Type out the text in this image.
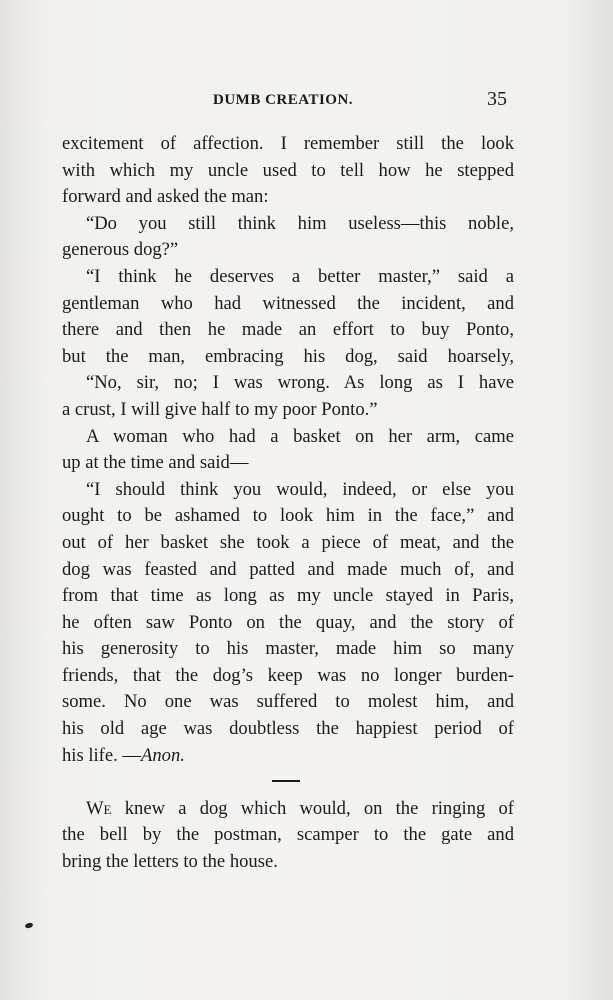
DUMB CREATION.	35
excitement of affection. I remember still the look
with which my uncle used to tell how he stepped
forward and asked the man:
“Do you still think him useless—this noble,
generous dog?”
“I think he deserves a better master,” said a
gentleman who had witnessed the incident, and
there and then he made an effort to buy Ponto,
but the man, embracing his dog, said hoarsely,
“No, sir, no; I was wrong. As long as I have
a crust, I will give half to my poor Ponto.”
A woman who had a basket on her arm, came
up at the time and said—
“I should think you would, indeed, or else you
ought to be ashamed to look him in the face,” and
out of her basket she took a piece of meat, and the
dog was feasted and patted and made much of, and
from that time as long as my uncle stayed in Paris,
he often saw Ponto on the quay, and the story of
his generosity to his master, made him so many
friends, that the dog’s keep was no longer burden-
some. No one was suffered to molest him, and
his old age was doubtless the happiest period of
his life. —Anon.
We knew a dog which would, on the ringing of
the bell by the postman, scamper to the gate and
bring the letters to the house.
